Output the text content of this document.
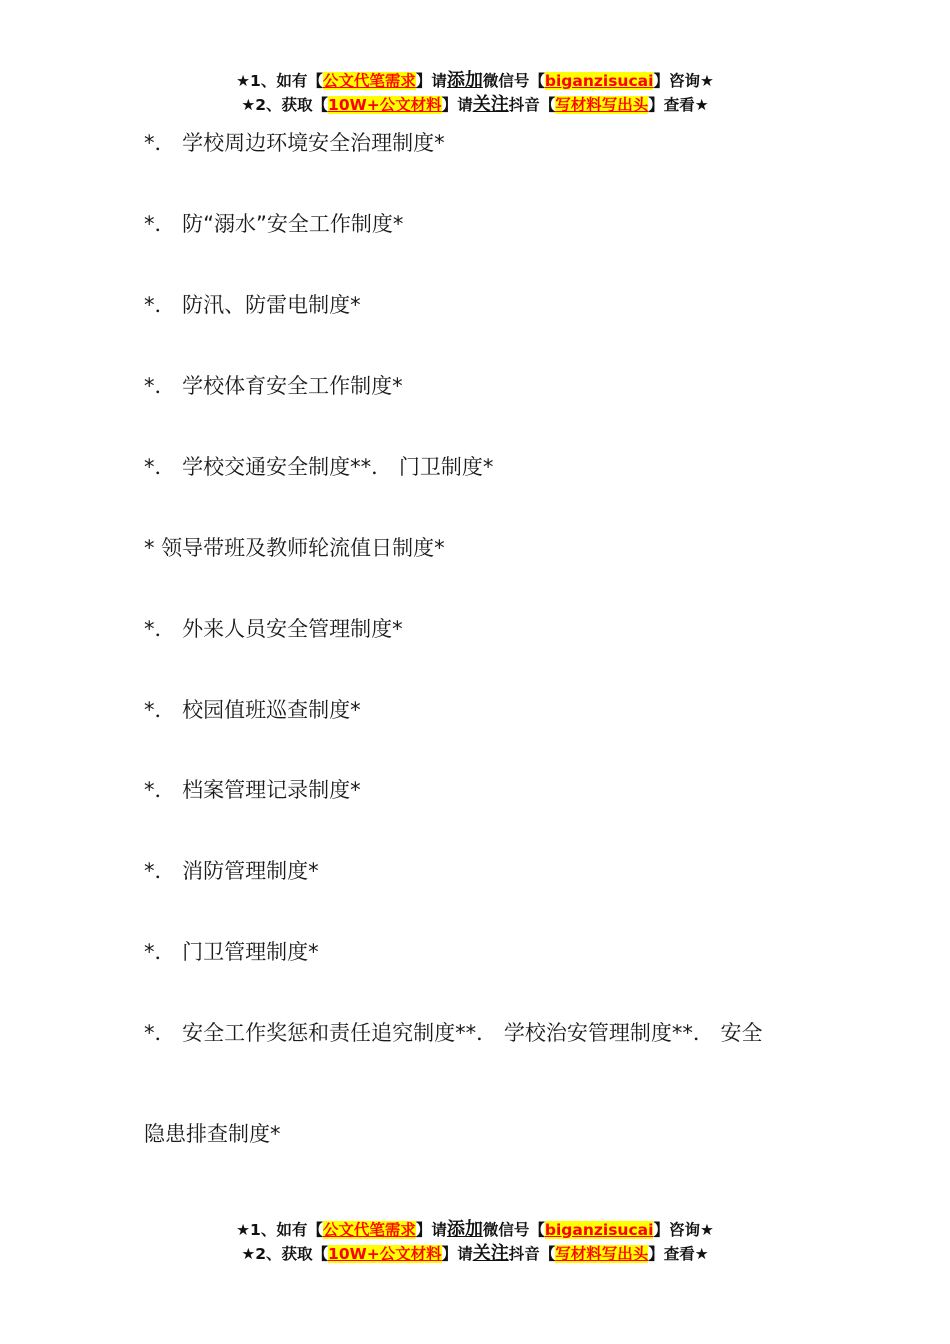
★1、如有【公文代笔需求】请添加微信号【biganzisucai】咨询★
★2、获取【10W+公文材料】请关注抖音【写材料写出头】查看★
*． 学校周边环境安全治理制度*
*． 防“溺水”安全工作制度*
*． 防汛、防雷电制度*
*． 学校体育安全工作制度*
*． 学校交通安全制度**． 门卫制度*
* 领导带班及教师轮流值日制度*
*． 外来人员安全管理制度*
*． 校园值班巡查制度*
*． 档案管理记录制度*
*． 消防管理制度*
*． 门卫管理制度*
*． 安全工作奖惩和责任追究制度**． 学校治安管理制度**． 安全
隐患排查制度*
★1、如有【公文代笔需求】请添加微信号【biganzisucai】咨询★
★2、获取【10W+公文材料】请关注抖音【写材料写出头】查看★
